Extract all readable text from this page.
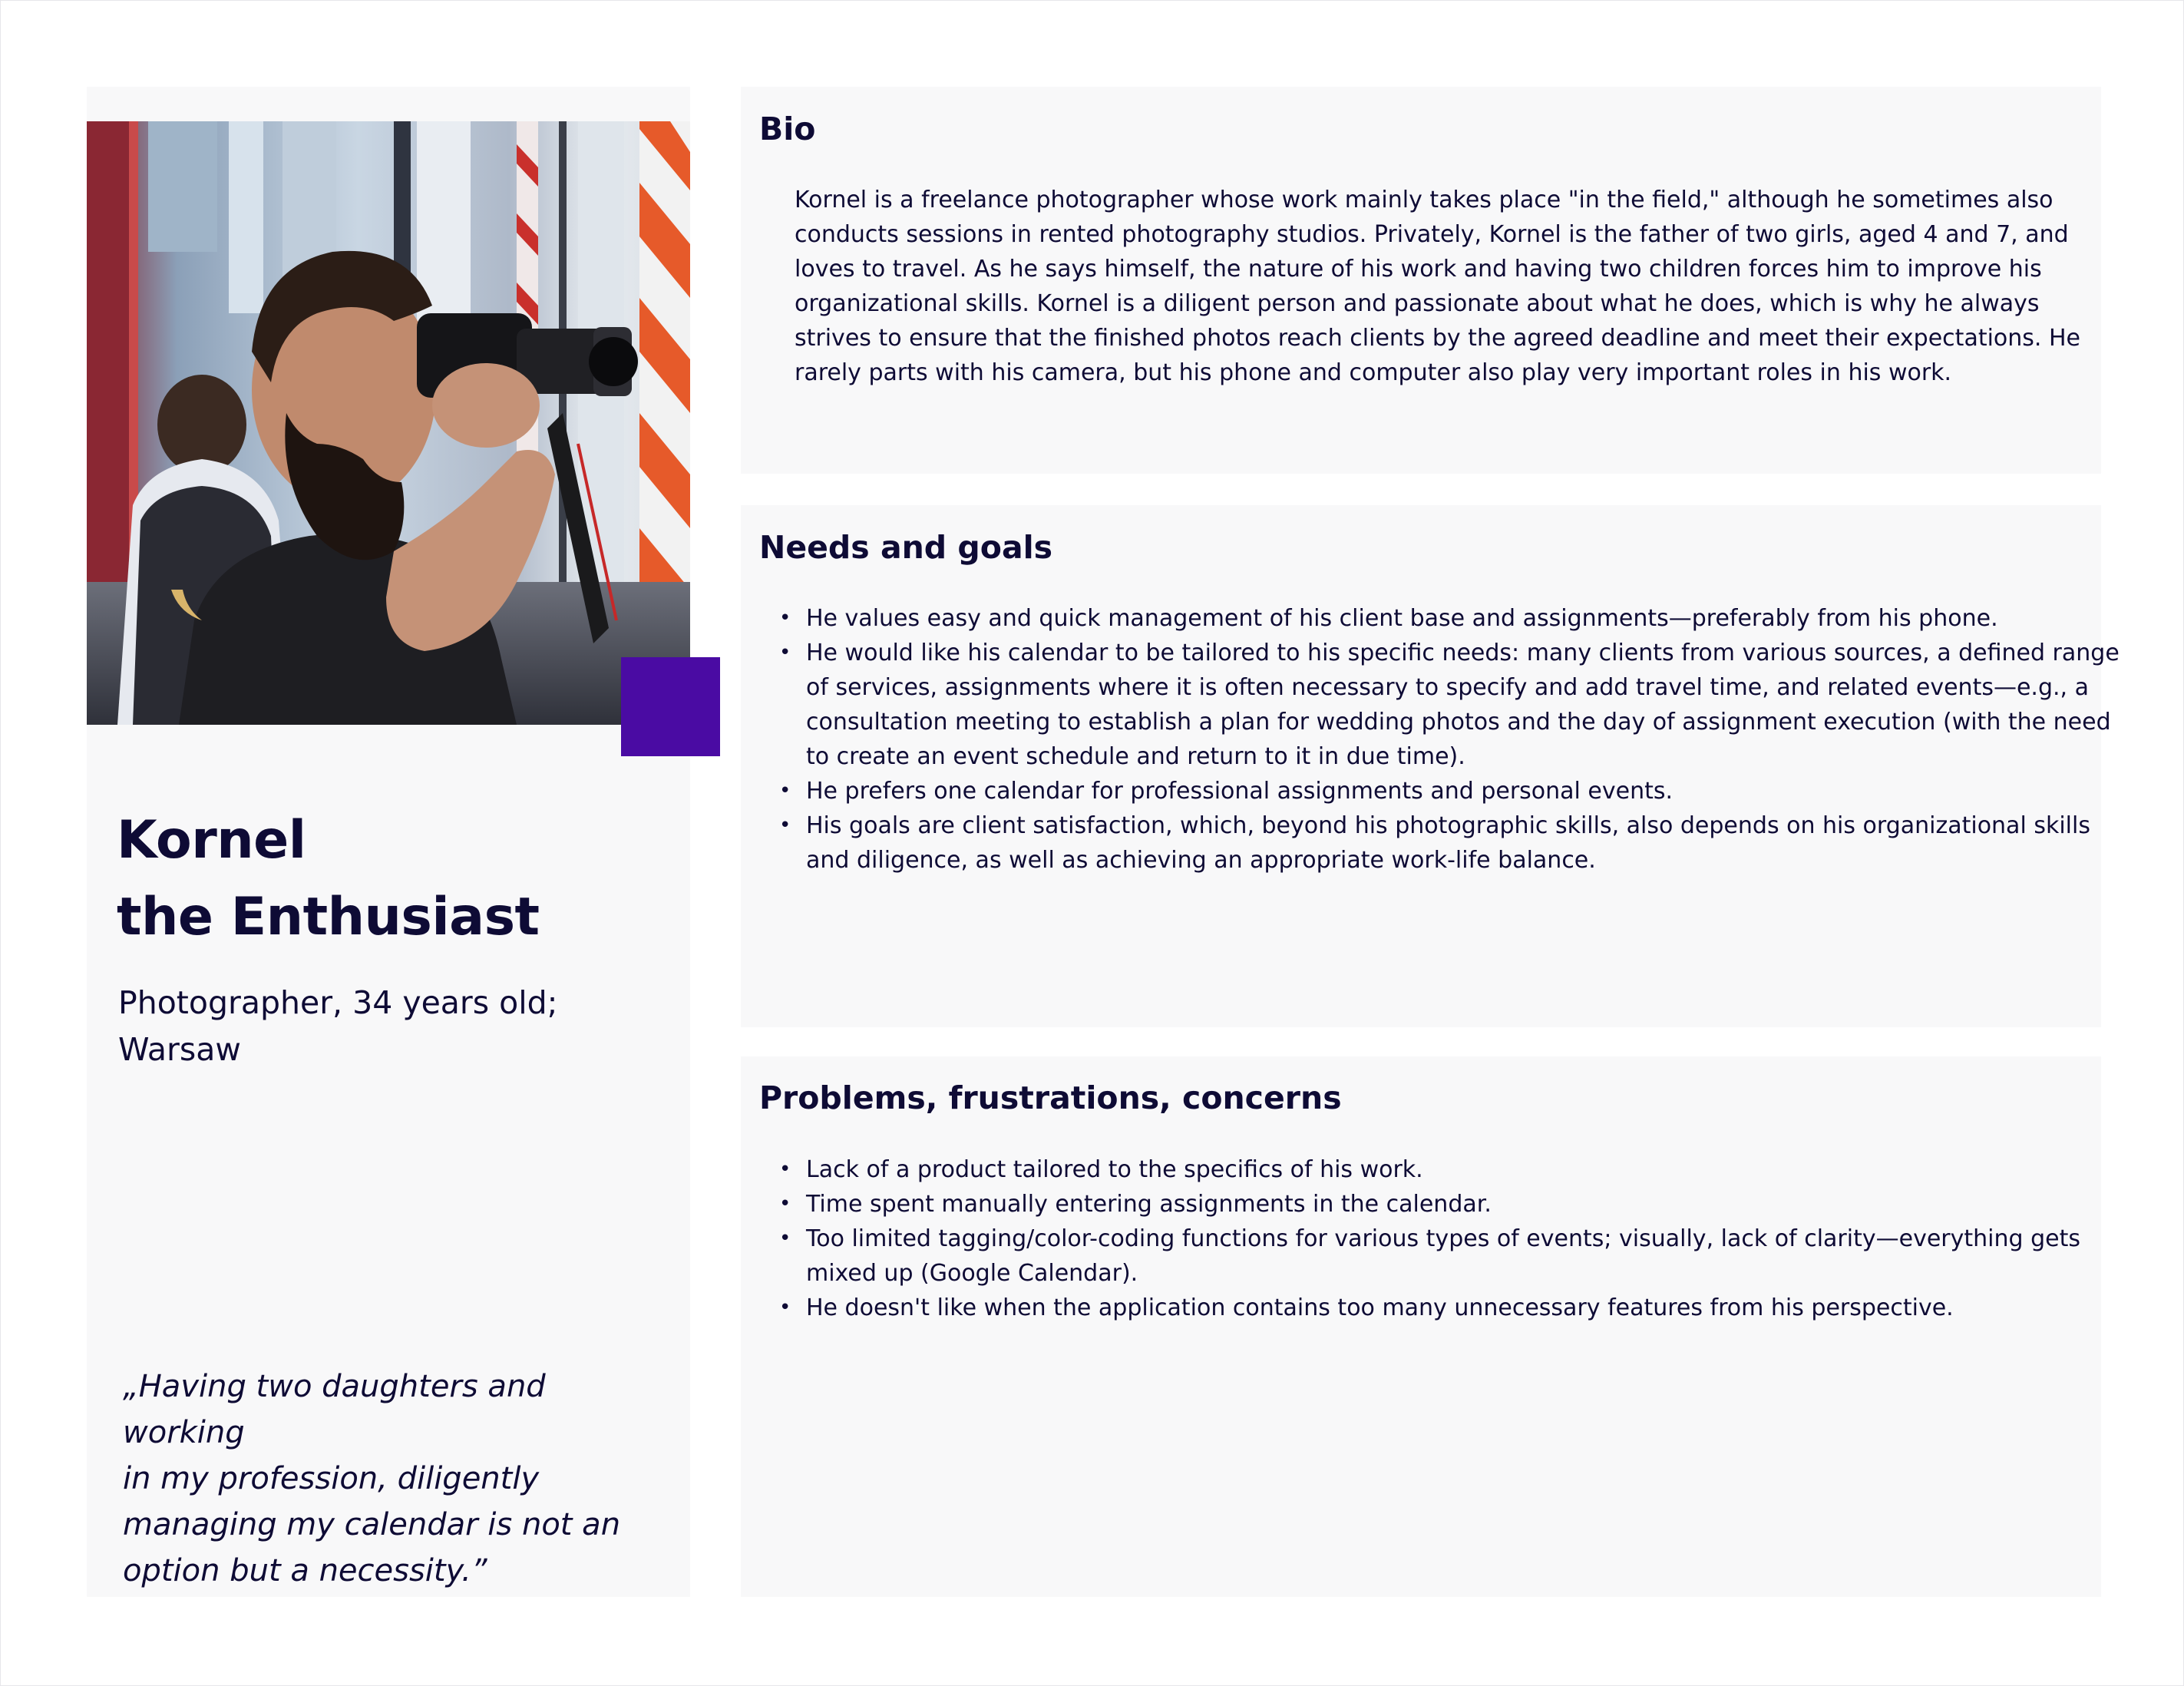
Kornel
the Enthusiast

Photographer, 34 years old;
Warsaw

„Having two daughters and working
in my profession, diligently
managing my calendar is not an
option but a necessity.”
Bio

Kornel is a freelance photographer whose work mainly takes place "in the field," although he sometimes also
conducts sessions in rented photography studios. Privately, Kornel is the father of two girls, aged 4 and 7, and
loves to travel. As he says himself, the nature of his work and having two children forces him to improve his
organizational skills. Kornel is a diligent person and passionate about what he does, which is why he always
strives to ensure that the finished photos reach clients by the agreed deadline and meet their expectations. He
rarely parts with his camera, but his phone and computer also play very important roles in his work.

Needs and goals
• He values easy and quick management of his client base and assignments—preferably from his phone.
• He would like his calendar to be tailored to his specific needs: many clients from various sources, a defined range
of services, assignments where it is often necessary to specify and add travel time, and related events—e.g., a
consultation meeting to establish a plan for wedding photos and the day of assignment execution (with the need
to create an event schedule and return to it in due time).
• He prefers one calendar for professional assignments and personal events.
• His goals are client satisfaction, which, beyond his photographic skills, also depends on his organizational skills
and diligence, as well as achieving an appropriate work-life balance.
Problems, frustrations, concerns
• Lack of a product tailored to the specifics of his work.
• Time spent manually entering assignments in the calendar.
• Too limited tagging/color-coding functions for various types of events; visually, lack of clarity—everything gets
mixed up (Google Calendar).
• He doesn't like when the application contains too many unnecessary features from his perspective.
